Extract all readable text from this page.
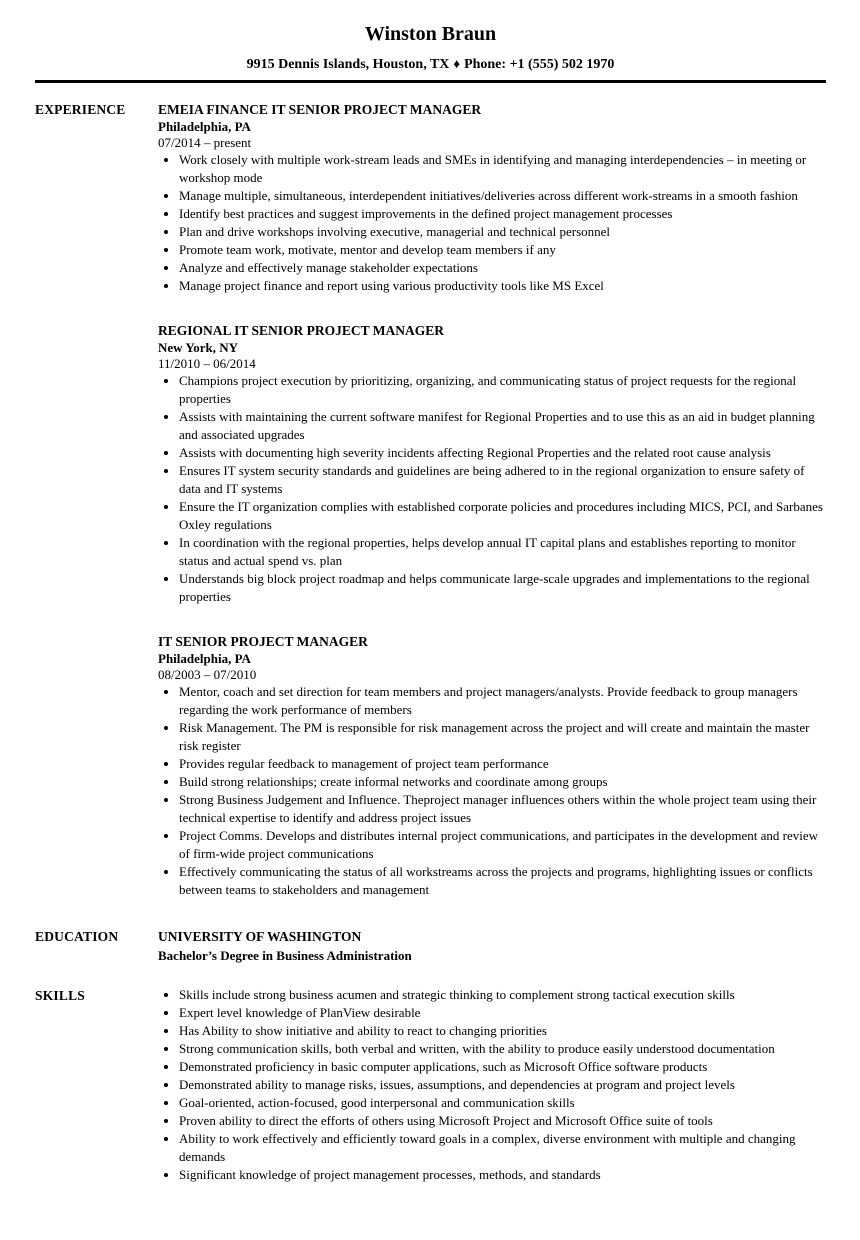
Winston Braun
9915 Dennis Islands, Houston, TX ♦ Phone: +1 (555) 502 1970
EXPERIENCE	EMEIA FINANCE IT SENIOR PROJECT MANAGER
Philadelphia, PA
07/2014 – present
• Work closely with multiple work-stream leads and SMEs in identifying and managing interdependencies – in meeting or workshop mode
• Manage multiple, simultaneous, interdependent initiatives/deliveries across different work-streams in a smooth fashion
• Identify best practices and suggest improvements in the defined project management processes
• Plan and drive workshops involving executive, managerial and technical personnel
• Promote team work, motivate, mentor and develop team members if any
• Analyze and effectively manage stakeholder expectations
• Manage project finance and report using various productivity tools like MS Excel
REGIONAL IT SENIOR PROJECT MANAGER
New York, NY
11/2010 – 06/2014
• Champions project execution by prioritizing, organizing, and communicating status of project requests for the regional properties
• Assists with maintaining the current software manifest for Regional Properties and to use this as an aid in budget planning and associated upgrades
• Assists with documenting high severity incidents affecting Regional Properties and the related root cause analysis
• Ensures IT system security standards and guidelines are being adhered to in the regional organization to ensure safety of data and IT systems
• Ensure the IT organization complies with established corporate policies and procedures including MICS, PCI, and Sarbanes Oxley regulations
• In coordination with the regional properties, helps develop annual IT capital plans and establishes reporting to monitor status and actual spend vs. plan
• Understands big block project roadmap and helps communicate large-scale upgrades and implementations to the regional properties
IT SENIOR PROJECT MANAGER
Philadelphia, PA
08/2003 – 07/2010
• Mentor, coach and set direction for team members and project managers/analysts. Provide feedback to group managers regarding the work performance of members
• Risk Management. The PM is responsible for risk management across the project and will create and maintain the master risk register
• Provides regular feedback to management of project team performance
• Build strong relationships; create informal networks and coordinate among groups
• Strong Business Judgement and Influence. Theproject manager influences others within the whole project team using their technical expertise to identify and address project issues
• Project Comms. Develops and distributes internal project communications, and participates in the development and review of firm-wide project communications
• Effectively communicating the status of all workstreams across the projects and programs, highlighting issues or conflicts between teams to stakeholders and management
EDUCATION	UNIVERSITY OF WASHINGTON
Bachelor’s Degree in Business Administration
SKILLS	• Skills include strong business acumen and strategic thinking to complement strong tactical execution skills
• Expert level knowledge of PlanView desirable
• Has Ability to show initiative and ability to react to changing priorities
• Strong communication skills, both verbal and written, with the ability to produce easily understood documentation
• Demonstrated proficiency in basic computer applications, such as Microsoft Office software products
• Demonstrated ability to manage risks, issues, assumptions, and dependencies at program and project levels
• Goal-oriented, action-focused, good interpersonal and communication skills
• Proven ability to direct the efforts of others using Microsoft Project and Microsoft Office suite of tools
• Ability to work effectively and efficiently toward goals in a complex, diverse environment with multiple and changing demands
• Significant knowledge of project management processes, methods, and standards
